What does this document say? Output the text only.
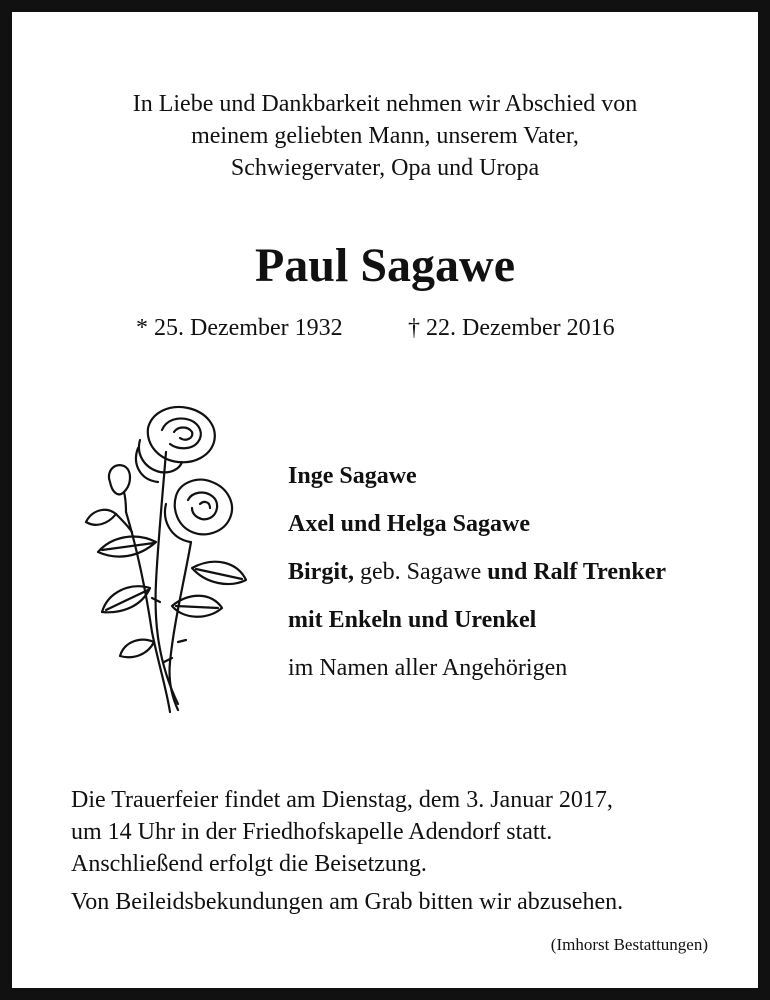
In Liebe und Dankbarkeit nehmen wir Abschied von
meinem geliebten Mann, unserem Vater,
Schwiegervater, Opa und Uropa
Paul Sagawe
* 25. Dezember 1932	† 22. Dezember 2016
Inge Sagawe
Axel und Helga Sagawe
Birgit, geb. Sagawe und Ralf Trenker
mit Enkeln und Urenkel
im Namen aller Angehörigen
Die Trauerfeier findet am Dienstag, dem 3. Januar 2017,
um 14 Uhr in der Friedhofskapelle Adendorf statt.
Anschließend erfolgt die Beisetzung.
Von Beileidsbekundungen am Grab bitten wir abzusehen.
(Imhorst Bestattungen)
